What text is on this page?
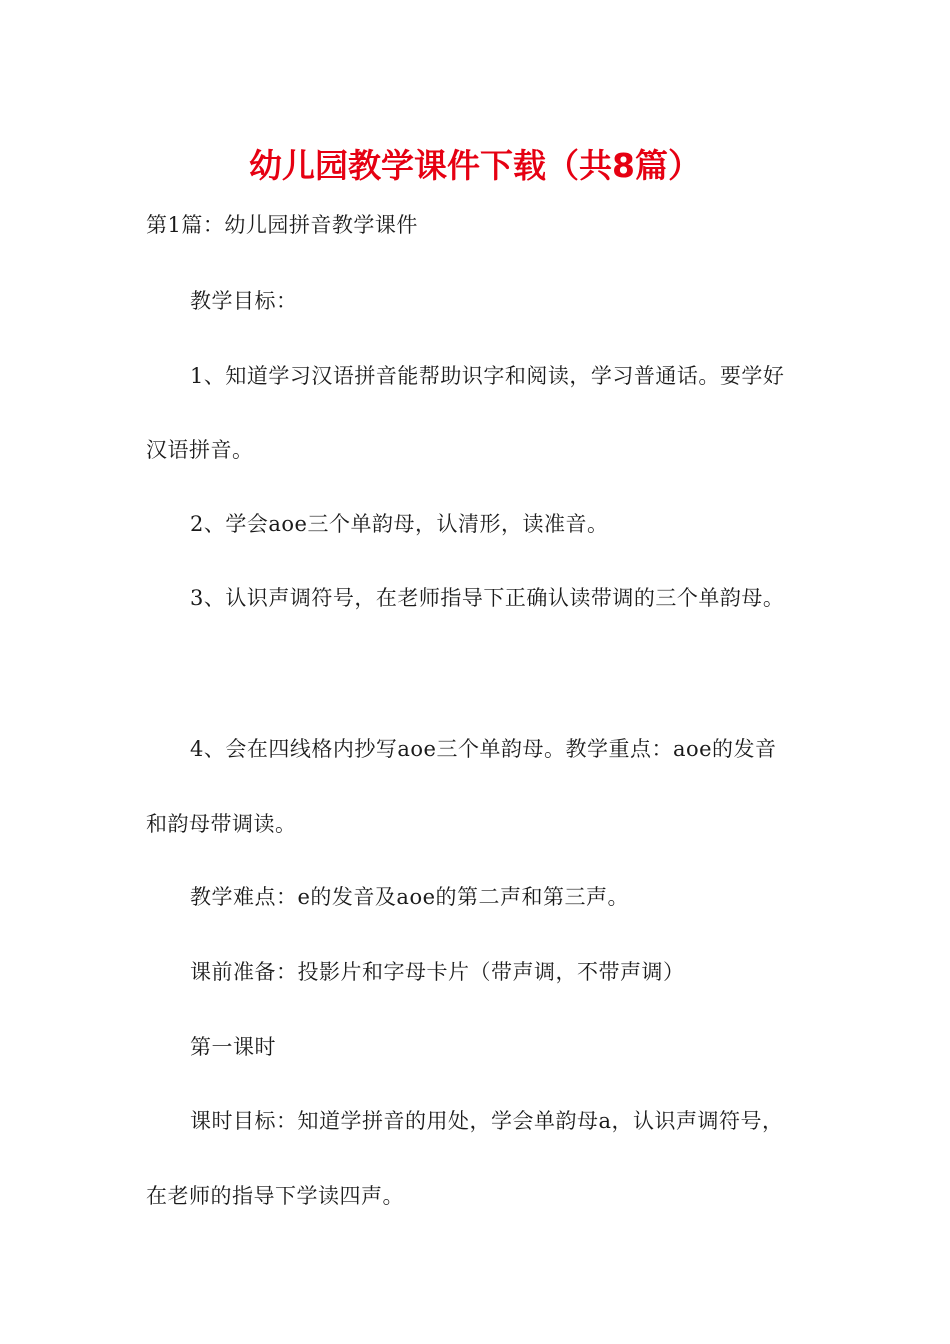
幼儿园教学课件下载（共8篇）

第1篇：幼儿园拼音教学课件

教学目标：

1、知道学习汉语拼音能帮助识字和阅读，学习普通话。要学好

汉语拼音。

2、学会aoe三个单韵母，认清形，读准音。

3、认识声调符号，在老师指导下正确认读带调的三个单韵母。

4、会在四线格内抄写aoe三个单韵母。教学重点：aoe的发音

和韵母带调读。

教学难点：e的发音及aoe的第二声和第三声。

课前准备：投影片和字母卡片（带声调，不带声调）

第一课时

课时目标：知道学拼音的用处，学会单韵母a，认识声调符号，

在老师的指导下学读四声。
